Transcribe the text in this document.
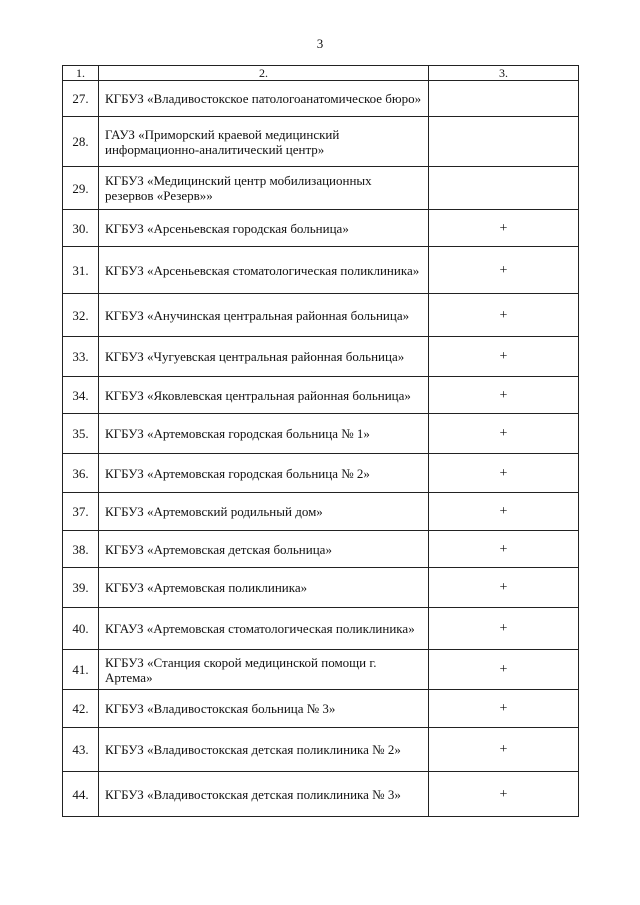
3
1.	2.	3.
27.	КГБУЗ «Владивостокское патологоанатомическое бюро»	
28.	ГАУЗ «Приморский краевой медицинский информационно-аналитический центр»	
29.	КГБУЗ «Медицинский центр мобилизационных резервов «Резерв»»	
30.	КГБУЗ «Арсеньевская городская больница»	+
31.	КГБУЗ «Арсеньевская стоматологическая поликлиника»	+
32.	КГБУЗ «Анучинская центральная районная больница»	+
33.	КГБУЗ «Чугуевская центральная районная больница»	+
34.	КГБУЗ «Яковлевская центральная районная больница»	+
35.	КГБУЗ «Артемовская городская больница № 1»	+
36.	КГБУЗ «Артемовская городская больница № 2»	+
37.	КГБУЗ «Артемовский родильный дом»	+
38.	КГБУЗ «Артемовская детская больница»	+
39.	КГБУЗ «Артемовская поликлиника»	+
40.	КГАУЗ «Артемовская стоматологическая поликлиника»	+
41.	КГБУЗ «Станция скорой медицинской помощи г. Артема»	+
42.	КГБУЗ «Владивостокская больница № 3»	+
43.	КГБУЗ «Владивостокская детская поликлиника № 2»	+
44.	КГБУЗ «Владивостокская детская поликлиника № 3»	+
